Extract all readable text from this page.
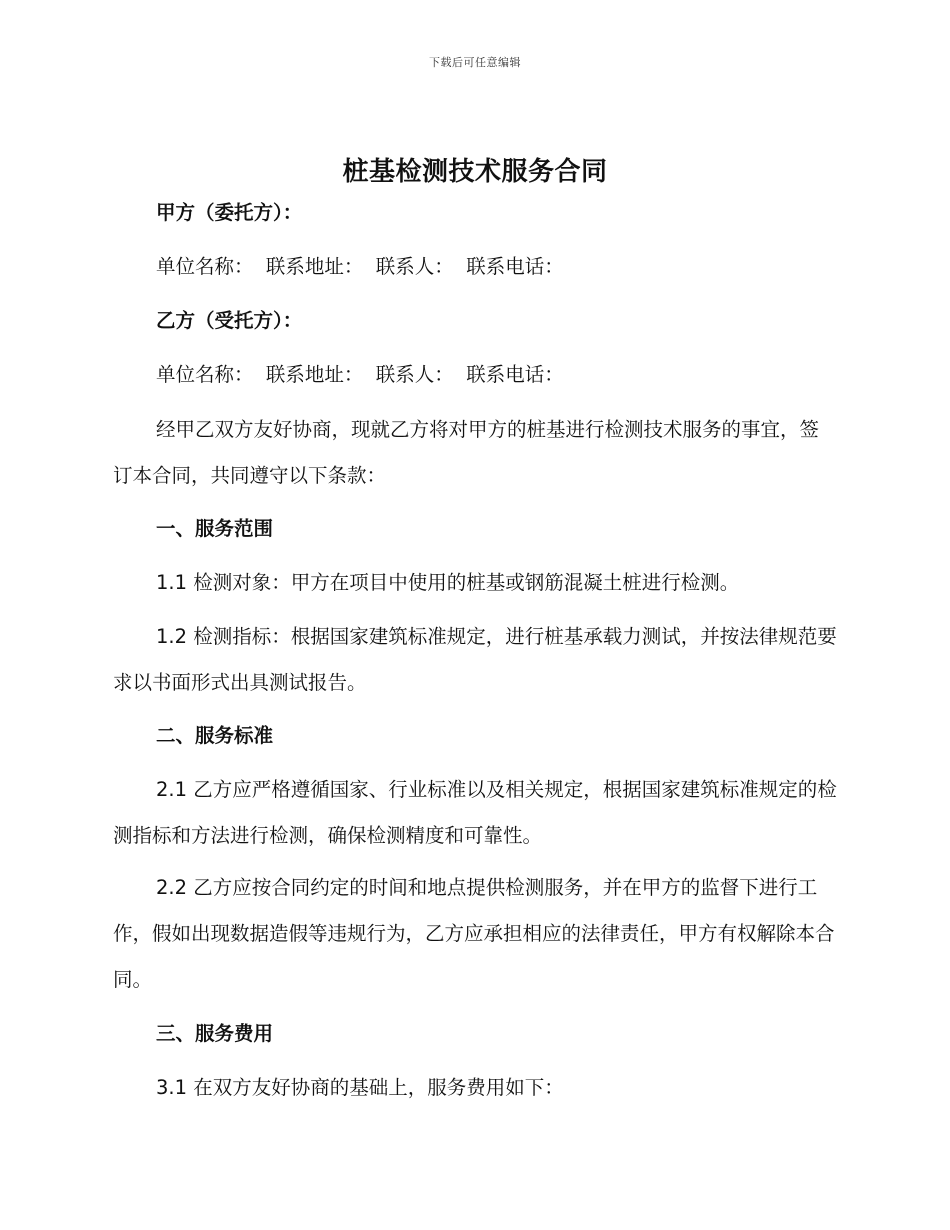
下载后可任意编辑
桩基检测技术服务合同
甲方（委托方）：
单位名称：  联系地址：  联系人：  联系电话：
乙方（受托方）：
单位名称：  联系地址：  联系人：  联系电话：
经甲乙双方友好协商，现就乙方将对甲方的桩基进行检测技术服务的事宜，签订本合同，共同遵守以下条款：
一、服务范围
1.1 检测对象：甲方在项目中使用的桩基或钢筋混凝土桩进行检测。
1.2 检测指标：根据国家建筑标准规定，进行桩基承载力测试，并按法律规范要求以书面形式出具测试报告。
二、服务标准
2.1 乙方应严格遵循国家、行业标准以及相关规定，根据国家建筑标准规定的检测指标和方法进行检测，确保检测精度和可靠性。
2.2 乙方应按合同约定的时间和地点提供检测服务，并在甲方的监督下进行工作，假如出现数据造假等违规行为，乙方应承担相应的法律责任，甲方有权解除本合同。
三、服务费用
3.1 在双方友好协商的基础上，服务费用如下：
